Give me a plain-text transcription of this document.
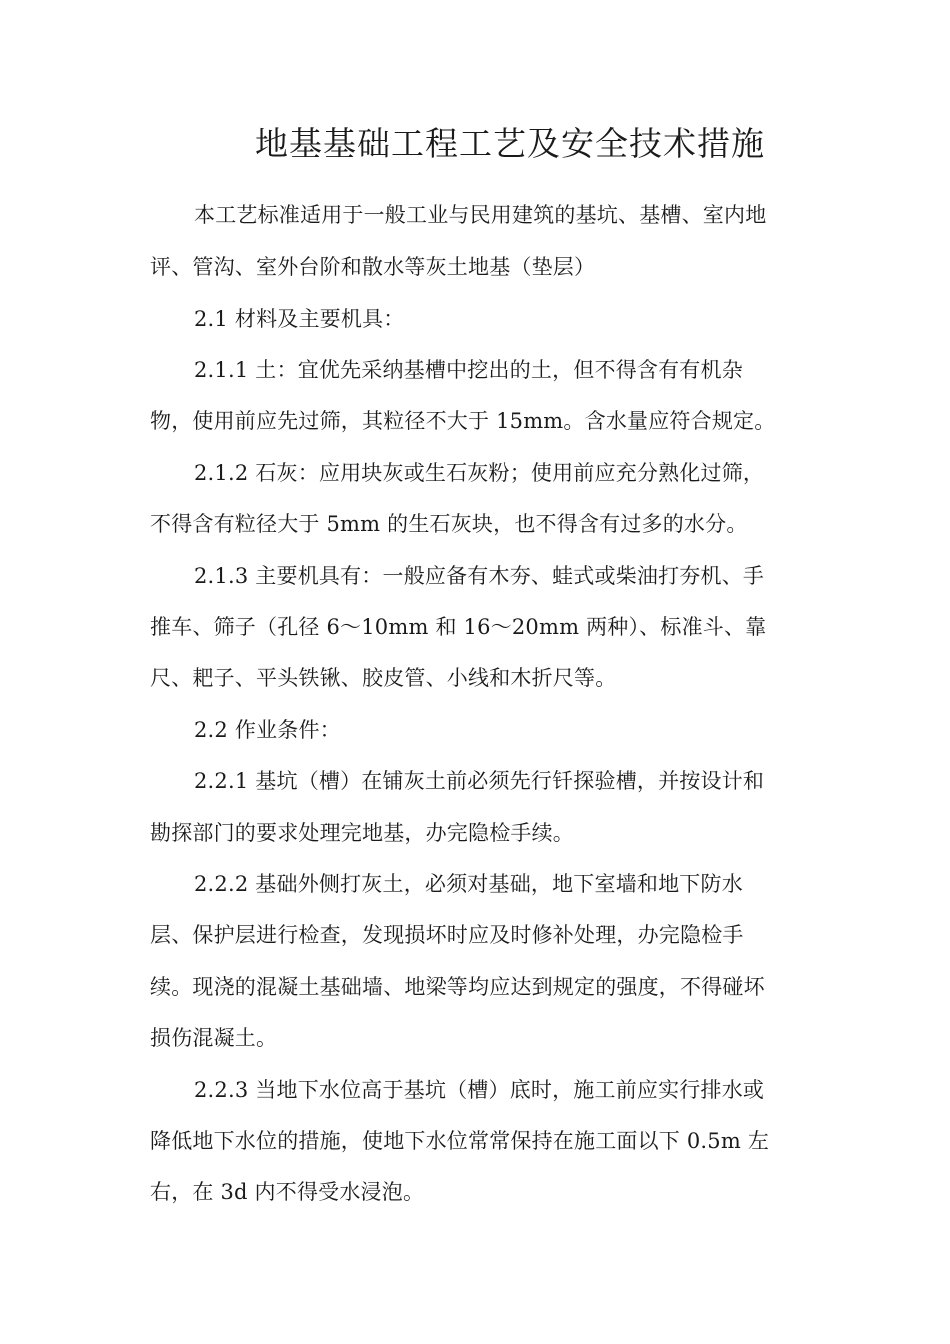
地基基础工程工艺及安全技术措施
本工艺标准适用于一般工业与民用建筑的基坑、基槽、室内地
评、管沟、室外台阶和散水等灰土地基（垫层）
2.1 材料及主要机具：
2.1.1 土：宜优先采纳基槽中挖出的土，但不得含有有机杂
物，使用前应先过筛，其粒径不大于 15mm。含水量应符合规定。
2.1.2 石灰：应用块灰或生石灰粉；使用前应充分熟化过筛，
不得含有粒径大于 5mm 的生石灰块，也不得含有过多的水分。
2.1.3 主要机具有：一般应备有木夯、蛙式或柴油打夯机、手
推车、筛子（孔径 6～10mm 和 16～20mm 两种）、标准斗、靠
尺、耙子、平头铁锹、胶皮管、小线和木折尺等。
2.2 作业条件：
2.2.1 基坑（槽）在铺灰土前必须先行钎探验槽，并按设计和
勘探部门的要求处理完地基，办完隐检手续。
2.2.2 基础外侧打灰土，必须对基础，地下室墙和地下防水
层、保护层进行检查，发现损坏时应及时修补处理，办完隐检手
续。现浇的混凝土基础墙、地梁等均应达到规定的强度，不得碰坏
损伤混凝土。
2.2.3 当地下水位高于基坑（槽）底时，施工前应实行排水或
降低地下水位的措施，使地下水位常常保持在施工面以下 0.5m 左
右，在 3d 内不得受水浸泡。
